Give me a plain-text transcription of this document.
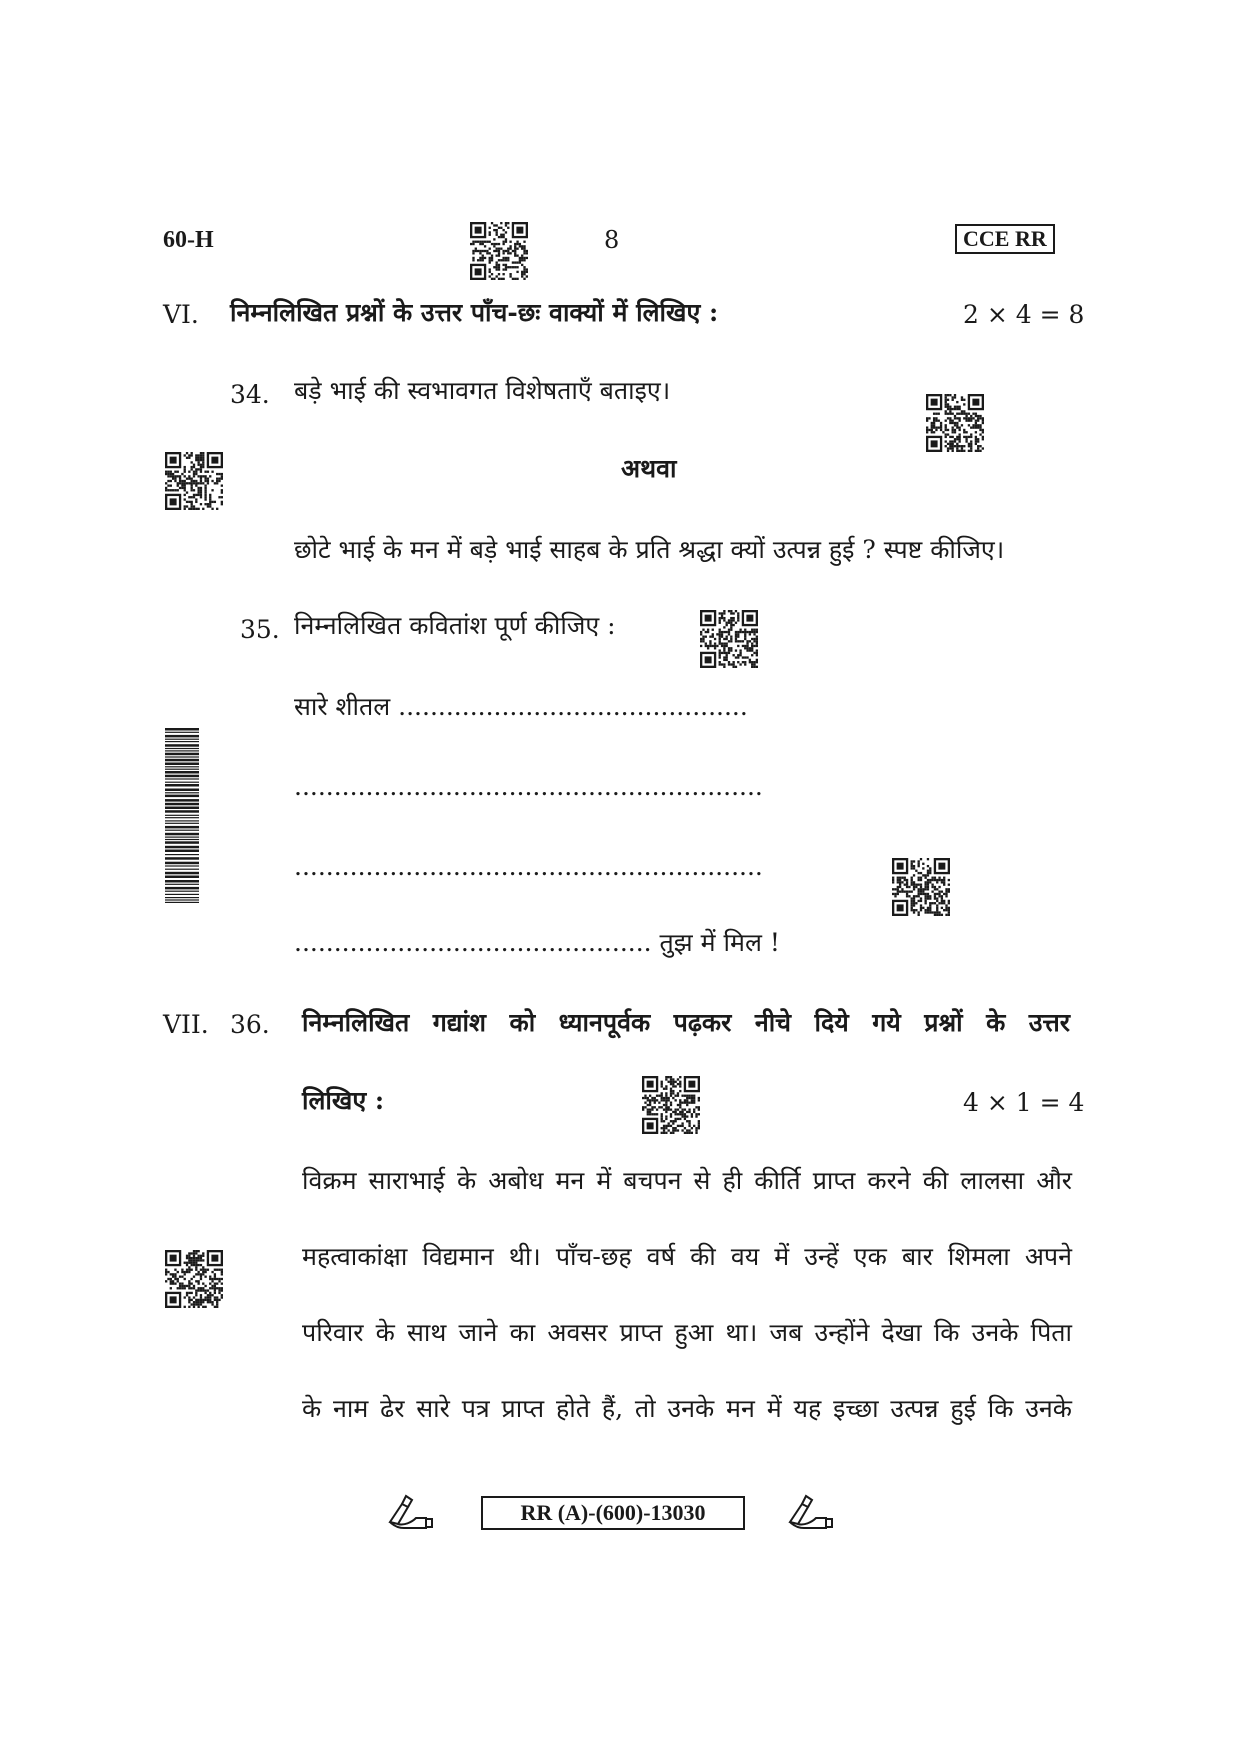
60-H	8	CCE RR
VI. निम्नलिखित प्रश्नों के उत्तर पाँच-छः वाक्यों में लिखिए :	2 × 4 = 8
34. बड़े भाई की स्वभावगत विशेषताएँ बताइए।
अथवा
छोटे भाई के मन में बड़े भाई साहब के प्रति श्रद्धा क्यों उत्पन्न हुई ? स्पष्ट कीजिए।
35. निम्नलिखित कवितांश पूर्ण कीजिए :
सारे शीतल ............................................
...........................................................
...........................................................
............................................. तुझ में मिल !
VII. 36. निम्नलिखित गद्यांश को ध्यानपूर्वक पढ़कर नीचे दिये गये प्रश्नों के उत्तर
लिखिए :	4 × 1 = 4
विक्रम साराभाई के अबोध मन में बचपन से ही कीर्ति प्राप्त करने की लालसा और
महत्वाकांक्षा विद्यमान थी। पाँच-छह वर्ष की वय में उन्हें एक बार शिमला अपने
परिवार के साथ जाने का अवसर प्राप्त हुआ था। जब उन्होंने देखा कि उनके पिता
के नाम ढेर सारे पत्र प्राप्त होते हैं, तो उनके मन में यह इच्छा उत्पन्न हुई कि उनके
RR (A)-(600)-13030
